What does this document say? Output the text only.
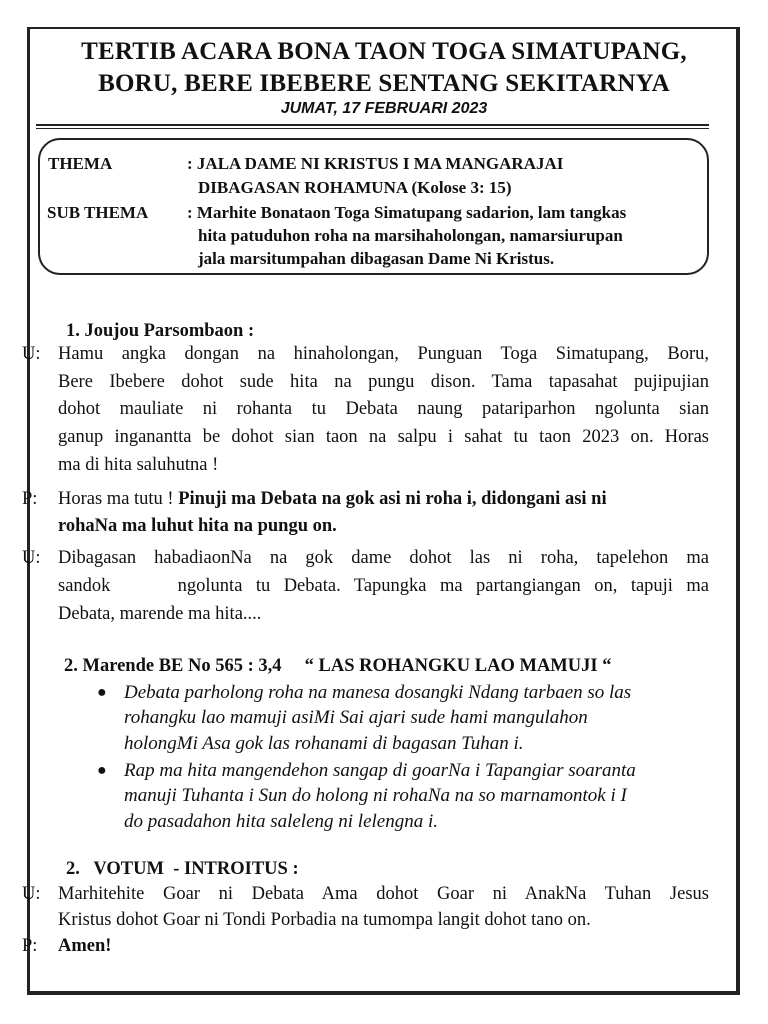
TERTIB ACARA BONA TAON TOGA SIMATUPANG,
BORU, BERE IBEBERE SENTANG SEKITARNYA
JUMAT, 17 FEBRUARI 2023
THEMA	: JALA DAME NI KRISTUS I MA MANGARAJAI
DIBAGASAN ROHAMUNA (Kolose 3: 15)
SUB THEMA : Marhite Bonataon Toga Simatupang sadarion, lam tangkas
hita patuduhon roha na marsihaholongan, namarsiurupan
jala marsitumpahan dibagasan Dame Ni Kristus.
1. Joujou Parsombaon :
U: Hamu angka dongan na hinaholongan, Punguan Toga Simatupang, Boru,
Bere Ibebere dohot sude hita na pungu dison. Tama tapasahat pujipujian
dohot mauliate ni rohanta tu Debata naung patariparhon ngolunta sian
ganup inganantta be dohot sian taon na salpu i sahat tu taon 2023 on. Horas
ma di hita saluhutna !
P: Horas ma tutu ! Pinuji ma Debata na gok asi ni roha i, didongani asi ni
rohaNa ma luhut hita na pungu on.
U: Dibagasan habadiaonNa na gok dame dohot las ni roha, tapelehon ma
sandok     ngolunta tu Debata. Tapungka ma partangiangan on, tapuji ma
Debata, marende ma hita....
2. Marende BE No 565 : 3,4     “ LAS ROHANGKU LAO MAMUJI “
● Debata parholong roha na manesa dosangki Ndang tarbaen so las
rohangku lao mamuji asiMi Sai ajari sude hami mangulahon
holongMi Asa gok las rohanami di bagasan Tuhan i.
● Rap ma hita mangendehon sangap di goarNa i Tapangiar soaranta
manuji Tuhanta i Sun do holong ni rohaNa na so marnamontok i I
do pasadahon hita saleleng ni lelengna i.
2.   VOTUM  - INTROITUS :
U: Marhitehite Goar ni Debata Ama dohot Goar ni AnakNa Tuhan Jesus
Kristus dohot Goar ni Tondi Porbadia na tumompa langit dohot tano on.
P: Amen!
